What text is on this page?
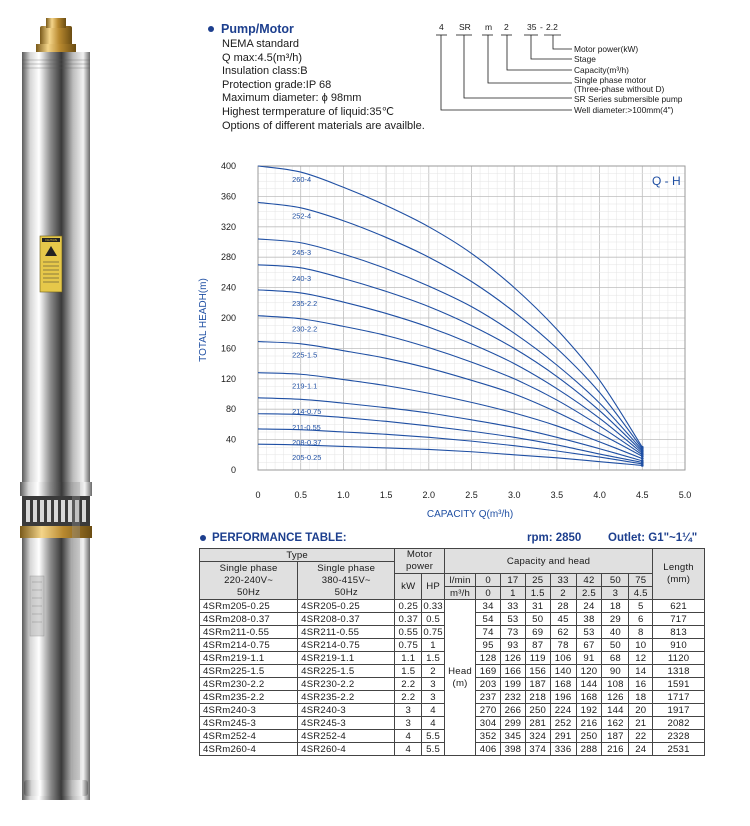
CAUTION
Pump/Motor
NEMA standard
Q max:4.5(m³/h)
Insulation class:B
Protection grade:IP 68
Maximum diameter: ϕ 98mm
Highest termperature of liquid:35℃
Options of different materials are availble.
4 SR m 2 35 - 2.2
Motor power(kW)
Stage
Capacity(m³/h)
Single phase motor
(Three-phase without D)
SR Series submersible pump
Well diameter:>100mm(4")
260-4
252-4
245-3
240-3
235-2.2
230-2.2
225-1.5
219-1.1
214-0.75
211-0.55
208-0.37
205-0.25
0	0.5	1.0	1.5	2.0	2.5	3.0	3.5	4.0	4.5	5.0
0
40
80
120
160
200
240
280
320
360
400
Q - H
CAPACITY Q(m³/h)
TOTAL HEADH(m)
PERFORMANCE TABLE:	rpm: 2850 Outlet: G1"~1¼"
Type		Motor power		Capacity and head								Length (mm)
Single phase
220-240V~
50Hz	Single phase
380-415V~
50Hz											
		kW	HP	l/min	0	17	25	33	42	50	75	
				m³/h	0	1	1.5	2	2.5	3	4.5	
4SRm205-0.25	4SR205-0.25	0.25	0.33	Head (m)	34	33	31	28	24	18	5	621
4SRm208-0.37	4SR208-0.37	0.37	0.5		54	53	50	45	38	29	6	717
4SRm211-0.55	4SR211-0.55	0.55	0.75		74	73	69	62	53	40	8	813
4SRm214-0.75	4SR214-0.75	0.75	1		95	93	87	78	67	50	10	910
4SRm219-1.1	4SR219-1.1	1.1	1.5		128	126	119	106	91	68	12	1120
4SRm225-1.5	4SR225-1.5	1.5	2		169	166	156	140	120	90	14	1318
4SRm230-2.2	4SR230-2.2	2.2	3		203	199	187	168	144	108	16	1591
4SRm235-2.2	4SR235-2.2	2.2	3		237	232	218	196	168	126	18	1717
4SRm240-3	4SR240-3	3	4		270	266	250	224	192	144	20	1917
4SRm245-3	4SR245-3	3	4		304	299	281	252	216	162	21	2082
4SRm252-4	4SR252-4	4	5.5		352	345	324	291	250	187	22	2328
4SRm260-4	4SR260-4	4	5.5		406	398	374	336	288	216	24	2531
